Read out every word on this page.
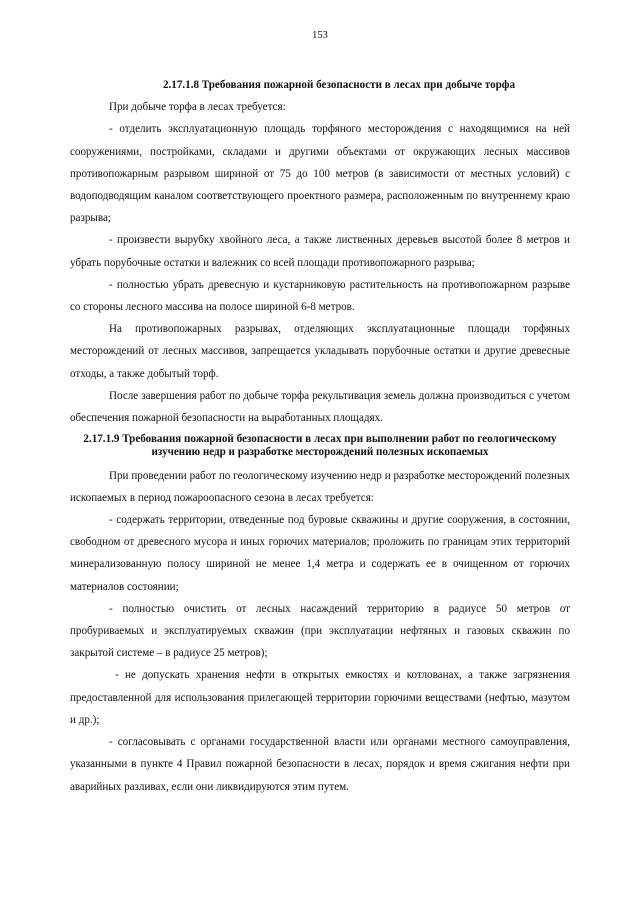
153
2.17.1.8 Требования пожарной безопасности в лесах при добыче торфа

При добыче торфа в лесах требуется:

- отделить эксплуатационную площадь торфяного месторождения с находящимися на ней сооружениями, постройками, складами и другими объектами от окружающих лесных массивов противопожарным разрывом шириной от 75 до 100 метров (в зависимости от местных условий) с водоподводящим каналом соответствующего проектного размера, расположенным по внутреннему краю разрыва;

- произвести вырубку хвойного леса, а также лиственных деревьев высотой более 8 метров и убрать порубочные остатки и валежник со всей площади противопожарного разрыва;

- полностью убрать древесную и кустарниковую растительность на противопожарном разрыве со стороны лесного массива на полосе шириной 6-8 метров.

На противопожарных разрывах, отделяющих эксплуатационные площади торфяных месторождений от лесных массивов, запрещается укладывать порубочные остатки и другие древесные отходы, а также добытый торф.

После завершения работ по добыче торфа рекультивация земель должна производиться с учетом обеспечения пожарной безопасности на выработанных площадях.

2.17.1.9 Требования пожарной безопасности в лесах при выполнении работ по геологическому изучению недр и разработке месторождений полезных ископаемых

При проведении работ по геологическому изучению недр и разработке месторождений полезных ископаемых в период пожароопасного сезона в лесах требуется:

- содержать территории, отведенные под буровые скважины и другие сооружения, в состоянии, свободном от древесного мусора и иных горючих материалов; проложить по границам этих территорий минерализованную полосу шириной не менее 1,4 метра и содержать ее в очищенном от горючих материалов состоянии;

- полностью очистить от лесных насаждений территорию в радиусе 50 метров от пробуриваемых и эксплуатируемых скважин (при эксплуатации нефтяных и газовых скважин по закрытой системе – в радиусе 25 метров);

- не допускать хранения нефти в открытых емкостях и котлованах, а также загрязнения предоставленной для использования прилегающей территории горючими веществами (нефтью, мазутом и др.);

- согласовывать с органами государственной власти или органами местного самоуправления, указанными в пункте 4 Правил пожарной безопасности в лесах, порядок и время сжигания нефти при аварийных разливах, если они ликвидируются этим путем.
